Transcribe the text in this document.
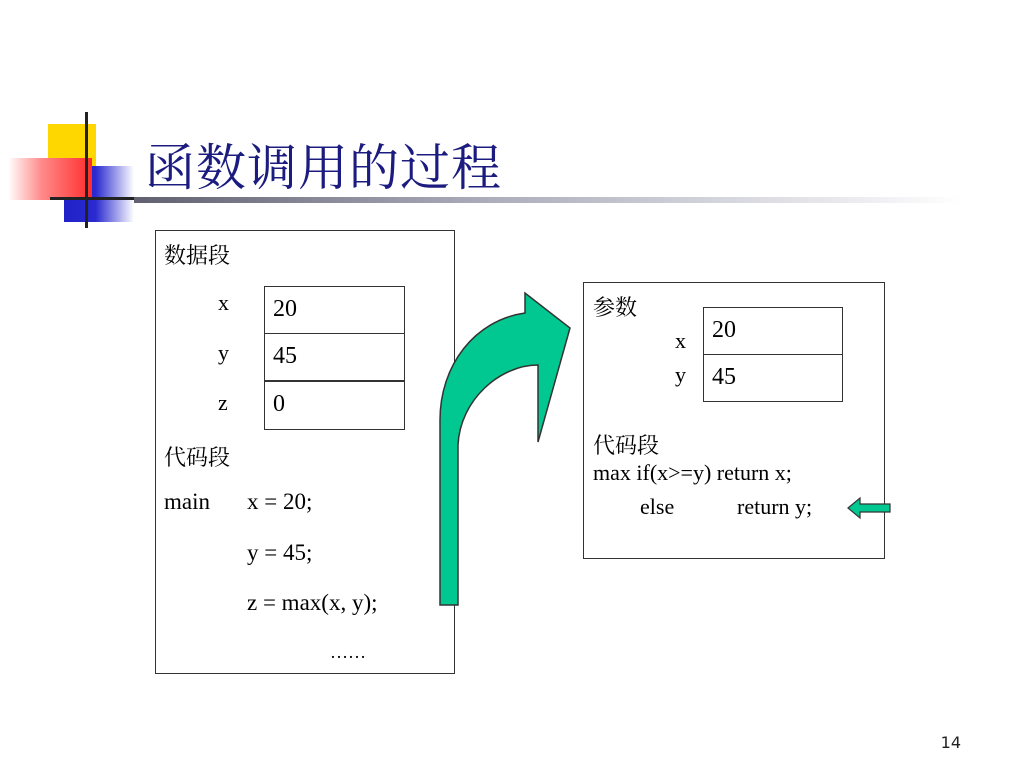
函数调用的过程
数据段
x
y
z
20
45
0
代码段
main x = 20;
y = 45;
z = max(x, y);
……
参数
x
y
20
45
代码段
max if(x>=y) return x;
else	return y;
14
